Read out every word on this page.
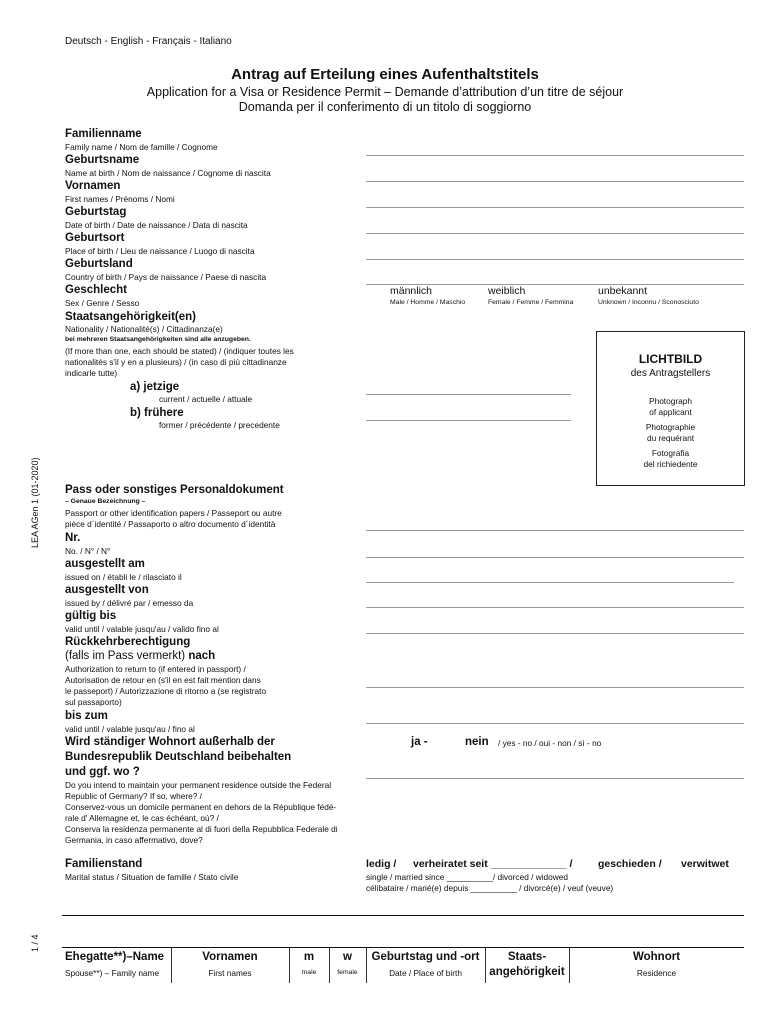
Deutsch - English - Français - Italiano
Antrag auf Erteilung eines Aufenthaltstitels
Application for a Visa or Residence Permit – Demande d’attribution d’un titre de séjour
Domanda per il conferimento di un titolo di soggiorno
LEA AGen 1 (01-2020)
1 / 4
Familienname
Family name / Nom de famille / Cognome
Geburtsname
Name at birth / Nom de naissance / Cognome di nascita
Vornamen
First names / Prénoms / Nomi
Geburtstag
Date of birth / Date de naissance / Data di nascita
Geburtsort
Place of birth / Lieu de naissance / Luogo di nascita
Geburtsland
Country of birth / Pays de naissance / Paese di nascita
Geschlecht
Sex / Genre / Sesso
männlich
Male / Homme / Maschio
weiblich
Female / Femme / Femmina
unbekannt
Unknown / Inconnu / Sconosciuto
Staatsangehörigkeit(en)
Nationality / Nationalité(s) / Cittadinanza(e)
bei mehreren Staatsangehörigkeiten sind alle anzugeben.
(If more than one, each should be stated) / (indiquer toutes les
nationalités s'il y en a plusieurs) / (in caso di più cittadinanze
indicarle tutte)
a) jetzige
current / actuelle / attuale
b) frühere
former / précédente / precedente
LICHTBILD
des Antragstellers
Photograph
of applicant
Photographie
du requérant
Fotografia
del richiedente
Pass oder sonstiges Personaldokument
– Genaue Bezeichnung –
Passport or other identification papers / Passeport ou autre
pièce d´identité / Passaporto o altro documento d´identità
Nr.
No. / N° / N°
ausgestellt am
issued on / établi le / rilasciato il
ausgestellt von
issued by / délivré par / emesso da
gültig bis
valid until / valable jusqu'au / valido fino al
Rückkehrberechtigung
(falls im Pass vermerkt) nach
Authorization to return to (if entered in passport) /
Autorisation de retour en (s'il en est fait mention dans
le passeport) / Autorizzazione di ritorno a (se registrato
sul passaporto)
bis zum
valid until / valable jusqu'au / fino al
Wird ständiger Wohnort außerhalb der
Bundesrepublik Deutschland beibehalten
und ggf. wo ?
Do you intend to maintain your permanent residence outside the Federal
Republic of Germany? If so, where? /
Conservez-vous un domicile permanent en dehors de la République fédé-
rale d' Allemagne et, le cas échéant, où? /
Conserva la residenza permanente al di fuori della Repubblica Federale di
Germania, in caso affermativo, dove?
ja -	nein / yes - no / oui - non / sì - no
Familienstand
Marital status / Situation de famille / Stato civile
ledig / verheiratet seit _____________ / geschieden / verwitwet
single / married since __________/ divorced / widowed
célibataire / marié(e) depuis __________ / divorcé(e) / veuf (veuve)
Ehegatte**)–Name
Spouse**) – Family name
Vornamen
First names
m
male
w
female
Geburtstag und -ort
Date / Place of birth
Staats-
angehörigkeit
Wohnort
Residence
